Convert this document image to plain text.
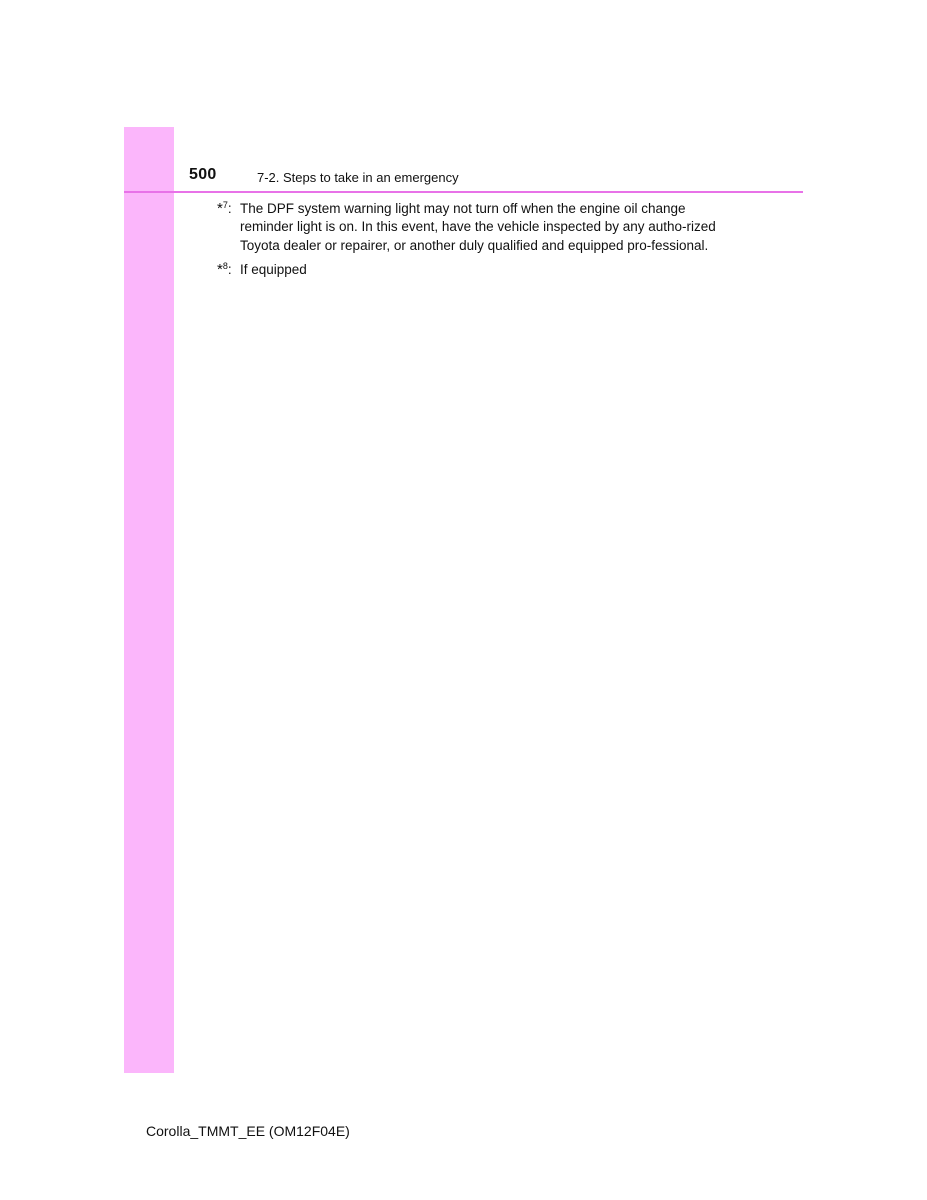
500	7-2. Steps to take in an emergency
*$^7$: The DPF system warning light may not turn off when the engine oil change reminder light is on. In this event, have the vehicle inspected by any autho-rized Toyota dealer or repairer, or another duly qualified and equipped pro-fessional.
*$^8$: If equipped
Corolla_TMMT_EE (OM12F04E)
